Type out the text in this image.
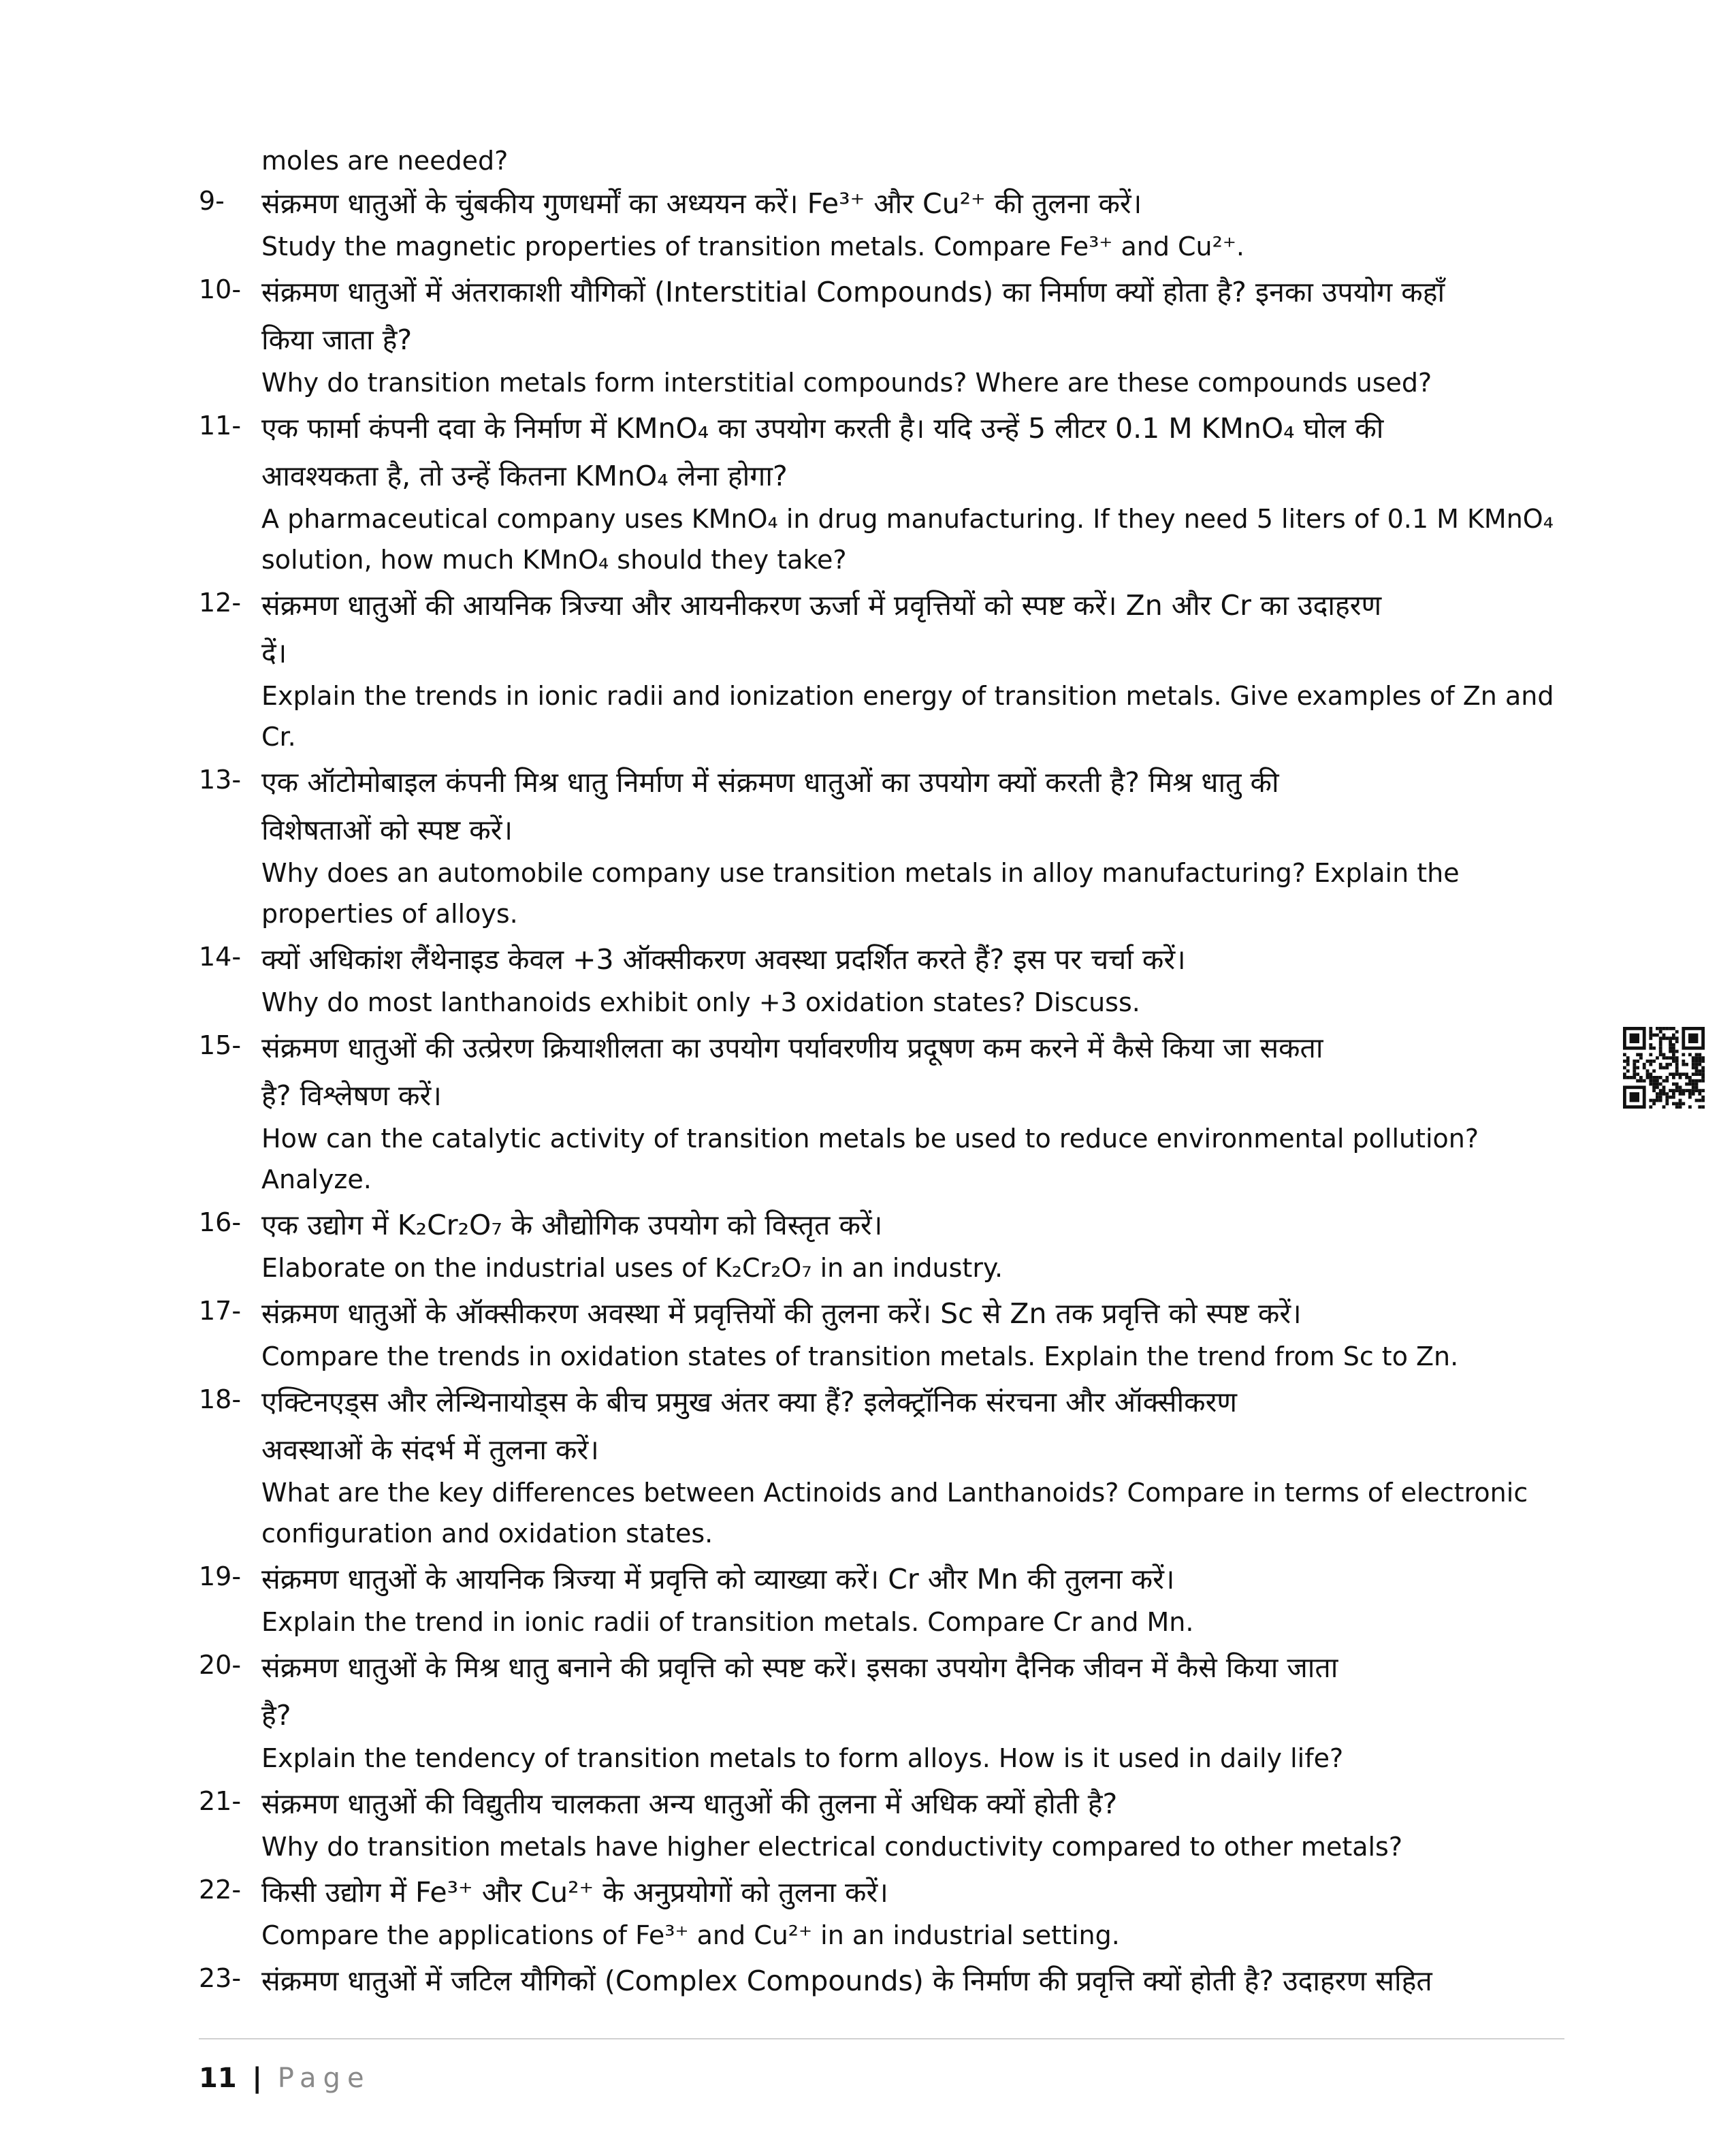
moles are needed?
9-	संक्रमण धातुओं के चुंबकीय गुणधर्मों का अध्ययन करें। Fe³⁺ और Cu²⁺ की तुलना करें।

Study the magnetic properties of transition metals. Compare Fe³⁺ and Cu²⁺.

10- संक्रमण धातुओं में अंतराकाशी यौगिकों (Interstitial Compounds) का निर्माण क्यों होता है? इनका उपयोग कहाँ

किया जाता है?

Why do transition metals form interstitial compounds? Where are these compounds used?

11- एक फार्मा कंपनी दवा के निर्माण में KMnO₄ का उपयोग करती है। यदि उन्हें 5 लीटर 0.1 M KMnO₄ घोल की

आवश्यकता है, तो उन्हें कितना KMnO₄ लेना होगा?

A pharmaceutical company uses KMnO₄ in drug manufacturing. If they need 5 liters of 0.1 M KMnO₄

solution, how much KMnO₄ should they take?

12- संक्रमण धातुओं की आयनिक त्रिज्या और आयनीकरण ऊर्जा में प्रवृत्तियों को स्पष्ट करें। Zn और Cr का उदाहरण

दें।

Explain the trends in ionic radii and ionization energy of transition metals. Give examples of Zn and

Cr.

13- एक ऑटोमोबाइल कंपनी मिश्र धातु निर्माण में संक्रमण धातुओं का उपयोग क्यों करती है? मिश्र धातु की

विशेषताओं को स्पष्ट करें।

Why does an automobile company use transition metals in alloy manufacturing? Explain the

properties of alloys.

14- क्यों अधिकांश लैंथेनाइड केवल +3 ऑक्सीकरण अवस्था प्रदर्शित करते हैं? इस पर चर्चा करें।

Why do most lanthanoids exhibit only +3 oxidation states? Discuss.

15- संक्रमण धातुओं की उत्प्रेरण क्रियाशीलता का उपयोग पर्यावरणीय प्रदूषण कम करने में कैसे किया जा सकता

है? विश्लेषण करें।

How can the catalytic activity of transition metals be used to reduce environmental pollution?

Analyze.

16- एक उद्योग में K₂Cr₂O₇ के औद्योगिक उपयोग को विस्तृत करें।

Elaborate on the industrial uses of K₂Cr₂O₇ in an industry.

17- संक्रमण धातुओं के ऑक्सीकरण अवस्था में प्रवृत्तियों की तुलना करें। Sc से Zn तक प्रवृत्ति को स्पष्ट करें।

Compare the trends in oxidation states of transition metals. Explain the trend from Sc to Zn.

18- एक्टिनएड्स और लेन्थिनायोड्स के बीच प्रमुख अंतर क्या हैं? इलेक्ट्रॉनिक संरचना और ऑक्सीकरण

अवस्थाओं के संदर्भ में तुलना करें।

What are the key differences between Actinoids and Lanthanoids? Compare in terms of electronic

configuration and oxidation states.

19- संक्रमण धातुओं के आयनिक त्रिज्या में प्रवृत्ति को व्याख्या करें। Cr और Mn की तुलना करें।

Explain the trend in ionic radii of transition metals. Compare Cr and Mn.

20- संक्रमण धातुओं के मिश्र धातु बनाने की प्रवृत्ति को स्पष्ट करें। इसका उपयोग दैनिक जीवन में कैसे किया जाता

है?

Explain the tendency of transition metals to form alloys. How is it used in daily life?

21- संक्रमण धातुओं की विद्युतीय चालकता अन्य धातुओं की तुलना में अधिक क्यों होती है?

Why do transition metals have higher electrical conductivity compared to other metals?

22- किसी उद्योग में Fe³⁺ और Cu²⁺ के अनुप्रयोगों को तुलना करें।

Compare the applications of Fe³⁺ and Cu²⁺ in an industrial setting.

23- संक्रमण धातुओं में जटिल यौगिकों (Complex Compounds) के निर्माण की प्रवृत्ति क्यों होती है? उदाहरण सहित

11 | Page
